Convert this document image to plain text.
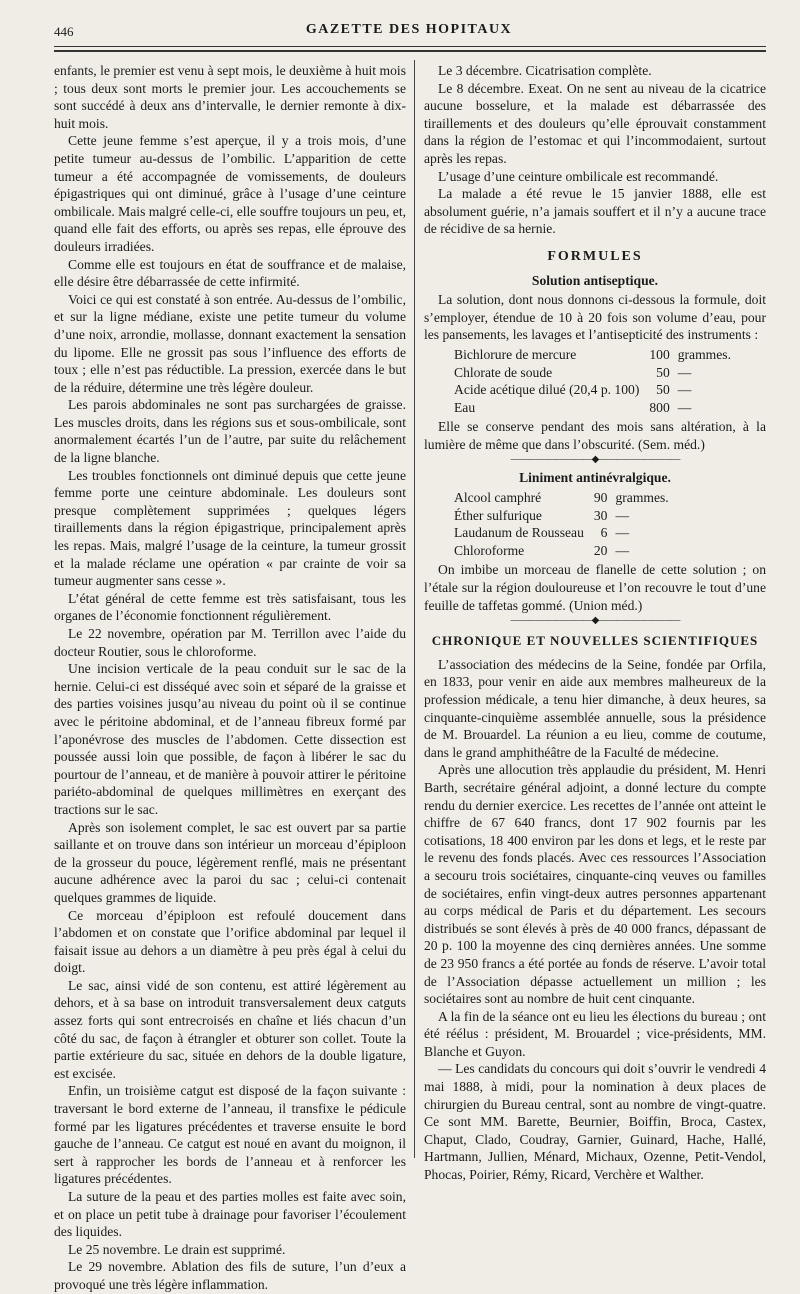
446	GAZETTE DES HOPITAUX

enfants, le premier est venu à sept mois, le deuxième à huit mois ; tous deux sont morts le premier jour. Les accouchements se sont succédé à deux ans d’intervalle, le dernier remonte à dix-huit mois.

Cette jeune femme s’est aperçue, il y a trois mois, d’une petite tumeur au-dessus de l’ombilic. L’apparition de cette tumeur a été accompagnée de vomissements, de douleurs épigastriques qui ont diminué, grâce à l’usage d’une ceinture ombilicale. Mais malgré celle-ci, elle souffre toujours un peu, et, quand elle fait des efforts, ou après ses repas, elle éprouve des douleurs irradiées.

Comme elle est toujours en état de souffrance et de malaise, elle désire être débarrassée de cette infirmité.

Voici ce qui est constaté à son entrée. Au-dessus de l’ombilic, et sur la ligne médiane, existe une petite tumeur du volume d’une noix, arrondie, mollasse, donnant exactement la sensation du lipome. Elle ne grossit pas sous l’influence des efforts de toux ; elle n’est pas réductible. La pression, exercée dans le but de la réduire, détermine une très légère douleur.

Les parois abdominales ne sont pas surchargées de graisse. Les muscles droits, dans les régions sus et sous-ombilicale, sont anormalement écartés l’un de l’autre, par suite du relâchement de la ligne blanche.

Les troubles fonctionnels ont diminué depuis que cette jeune femme porte une ceinture abdominale. Les douleurs sont presque complètement supprimées ; quelques légers tiraillements dans la région épigastrique, principalement après les repas. Mais, malgré l’usage de la ceinture, la tumeur grossit et la malade réclame une opération « par crainte de voir sa tumeur augmenter sans cesse ».

L’état général de cette femme est très satisfaisant, tous les organes de l’économie fonctionnent régulièrement.

Le 22 novembre, opération par M. Terrillon avec l’aide du docteur Routier, sous le chloroforme.

Une incision verticale de la peau conduit sur le sac de la hernie. Celui-ci est disséqué avec soin et séparé de la graisse et des parties voisines jusqu’au niveau du point où il se continue avec le péritoine abdominal, et de l’anneau fibreux formé par l’aponévrose des muscles de l’abdomen. Cette dissection est poussée aussi loin que possible, de façon à libérer le sac du pourtour de l’anneau, et de manière à pouvoir attirer le péritoine pariéto-abdominal de quelques millimètres en exerçant des tractions sur le sac.

Après son isolement complet, le sac est ouvert par sa partie saillante et on trouve dans son intérieur un morceau d’épiploon de la grosseur du pouce, légèrement renflé, mais ne présentant aucune adhérence avec la paroi du sac ; celui-ci contenait quelques grammes de liquide.

Ce morceau d’épiploon est refoulé doucement dans l’abdomen et on constate que l’orifice abdominal par lequel il faisait issue au dehors a un diamètre à peu près égal à celui du doigt.

Le sac, ainsi vidé de son contenu, est attiré légèrement au dehors, et à sa base on introduit transversalement deux catguts assez forts qui sont entrecroisés en chaîne et liés chacun d’un côté du sac, de façon à étrangler et obturer son collet. Toute la partie extérieure du sac, située en dehors de la double ligature, est excisée.

Enfin, un troisième catgut est disposé de la façon suivante : traversant le bord externe de l’anneau, il transfixe le pédicule formé par les ligatures précédentes et traverse ensuite le bord gauche de l’anneau. Ce catgut est noué en avant du moignon, il sert à rapprocher les bords de l’anneau et à renforcer les ligatures précédentes.

La suture de la peau et des parties molles est faite avec soin, et on place un petit tube à drainage pour favoriser l’écoulement des liquides.

Le 25 novembre. Le drain est supprimé.

Le 29 novembre. Ablation des fils de suture, l’un d’eux a provoqué une très légère inflammation.

Le 3 décembre. Cicatrisation complète.

Le 8 décembre. Exeat. On ne sent au niveau de la cicatrice aucune bosselure, et la malade est débarrassée des tiraillements et des douleurs qu’elle éprouvait constamment dans la région de l’estomac et qui l’incommodaient, surtout après les repas.

L’usage d’une ceinture ombilicale est recommandé.

La malade a été revue le 15 janvier 1888, elle est absolument guérie, n’a jamais souffert et il n’y a aucune trace de récidive de sa hernie.

FORMULES
Solution antiseptique.

La solution, dont nous donnons ci-dessous la formule, doit s’employer, étendue de 10 à 20 fois son volume d’eau, pour les pansements, les lavages et l’antisepticité des instruments :

Bichlorure de mercure	100	grammes.
Chlorate de soude	50	—
Acide acétique dilué (20,4 p. 100)	50	—
Eau	800	—

Elle se conserve pendant des mois sans altération, à la lumière de même que dans l’obscurité. (Sem. méd.)

―――――――――◆―――――――――
Liniment antinévralgique.
Alcool camphré	90	grammes.
Éther sulfurique	30	—
Laudanum de Rousseau	6	—
Chloroforme	20	—

On imbibe un morceau de flanelle de cette solution ; on l’étale sur la région douloureuse et l’on recouvre le tout d’une feuille de taffetas gommé. (Union méd.)

―――――――――◆―――――――――
CHRONIQUE ET NOUVELLES SCIENTIFIQUES

L’association des médecins de la Seine, fondée par Orfila, en 1833, pour venir en aide aux membres malheureux de la profession médicale, a tenu hier dimanche, à deux heures, sa cinquante-cinquième assemblée annuelle, sous la présidence de M. Brouardel. La réunion a eu lieu, comme de coutume, dans le grand amphithéâtre de la Faculté de médecine.

Après une allocution très applaudie du président, M. Henri Barth, secrétaire général adjoint, a donné lecture du compte rendu du dernier exercice. Les recettes de l’année ont atteint le chiffre de 67 640 francs, dont 17 902 fournis par les cotisations, 18 400 environ par les dons et legs, et le reste par le revenu des fonds placés. Avec ces ressources l’Association a secouru trois sociétaires, cinquante-cinq veuves ou familles de sociétaires, enfin vingt-deux autres personnes appartenant au corps médical de Paris et du département. Les secours distribués se sont élevés à près de 40 000 francs, dépassant de 20 p. 100 la moyenne des cinq dernières années. Une somme de 23 950 francs a été portée au fonds de réserve. L’avoir total de l’Association dépasse actuellement un million ; les sociétaires sont au nombre de huit cent cinquante.

A la fin de la séance ont eu lieu les élections du bureau ; ont été réélus : président, M. Brouardel ; vice-présidents, MM. Blanche et Guyon.

— Les candidats du concours qui doit s’ouvrir le vendredi 4 mai 1888, à midi, pour la nomination à deux places de chirurgien du Bureau central, sont au nombre de vingt-quatre. Ce sont MM. Barette, Beurnier, Boiffin, Broca, Castex, Chaput, Clado, Coudray, Garnier, Guinard, Hache, Hallé, Hartmann, Jullien, Ménard, Michaux, Ozenne, Petit-Vendol, Phocas, Poirier, Rémy, Ricard, Verchère et Walther.
